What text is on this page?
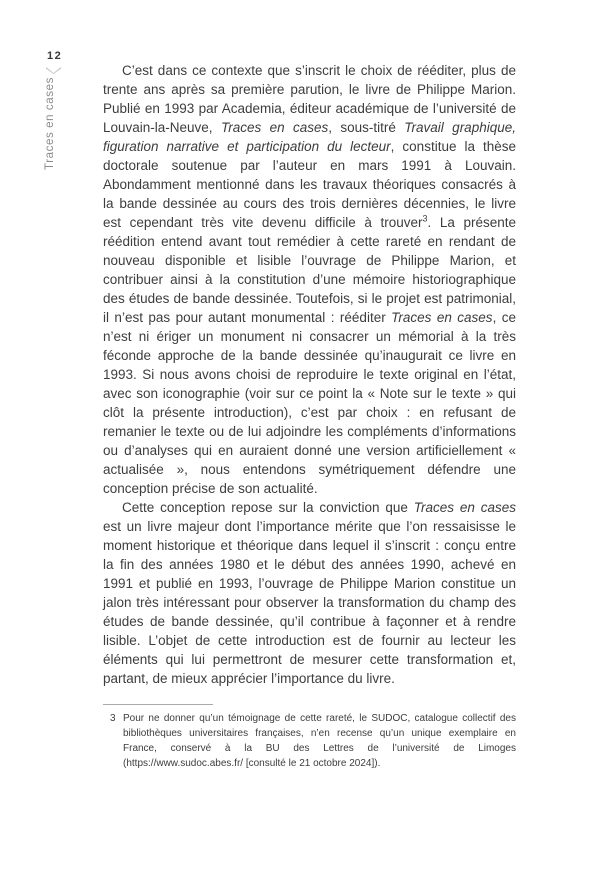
12
Traces en cases

C’est dans ce contexte que s’inscrit le choix de rééditer, plus de trente ans après sa première parution, le livre de Philippe Marion. Publié en 1993 par Academia, éditeur académique de l’université de Louvain-la-Neuve, Traces en cases, sous-titré Travail graphique, figuration narrative et participation du lecteur, constitue la thèse doctorale soutenue par l’auteur en mars 1991 à Louvain. Abondamment mentionné dans les travaux théoriques consacrés à la bande dessinée au cours des trois dernières décennies, le livre est cependant très vite devenu difficile à trouver$^3$. La présente réédition entend avant tout remédier à cette rareté en rendant de nouveau disponible et lisible l’ouvrage de Philippe Marion, et contribuer ainsi à la constitution d’une mémoire historiographique des études de bande dessinée. Toutefois, si le projet est patrimonial, il n’est pas pour autant monumental : rééditer Traces en cases, ce n’est ni ériger un monument ni consacrer un mémorial à la très féconde approche de la bande dessinée qu’inaugurait ce livre en 1993. Si nous avons choisi de reproduire le texte original en l’état, avec son iconographie (voir sur ce point la « Note sur le texte » qui clôt la présente introduction), c’est par choix : en refusant de remanier le texte ou de lui adjoindre les compléments d’informations ou d’analyses qui en auraient donné une version artificiellement « actualisée », nous entendons symétriquement défendre une conception précise de son actualité.

Cette conception repose sur la conviction que Traces en cases est un livre majeur dont l’importance mérite que l’on ressaisisse le moment historique et théorique dans lequel il s’inscrit : conçu entre la fin des années 1980 et le début des années 1990, achevé en 1991 et publié en 1993, l’ouvrage de Philippe Marion constitue un jalon très intéressant pour observer la transformation du champ des études de bande dessinée, qu’il contribue à façonner et à rendre lisible. L’objet de cette introduction est de fournir au lecteur les éléments qui lui permettront de mesurer cette transformation et, partant, de mieux apprécier l’importance du livre.

3 Pour ne donner qu’un témoignage de cette rareté, le SUDOC, catalogue collectif des bibliothèques universitaires françaises, n’en recense qu’un unique exemplaire en France, conservé à la BU des Lettres de l’université de Limoges (https://www.sudoc.abes.fr/ [consulté le 21 octobre 2024]).
